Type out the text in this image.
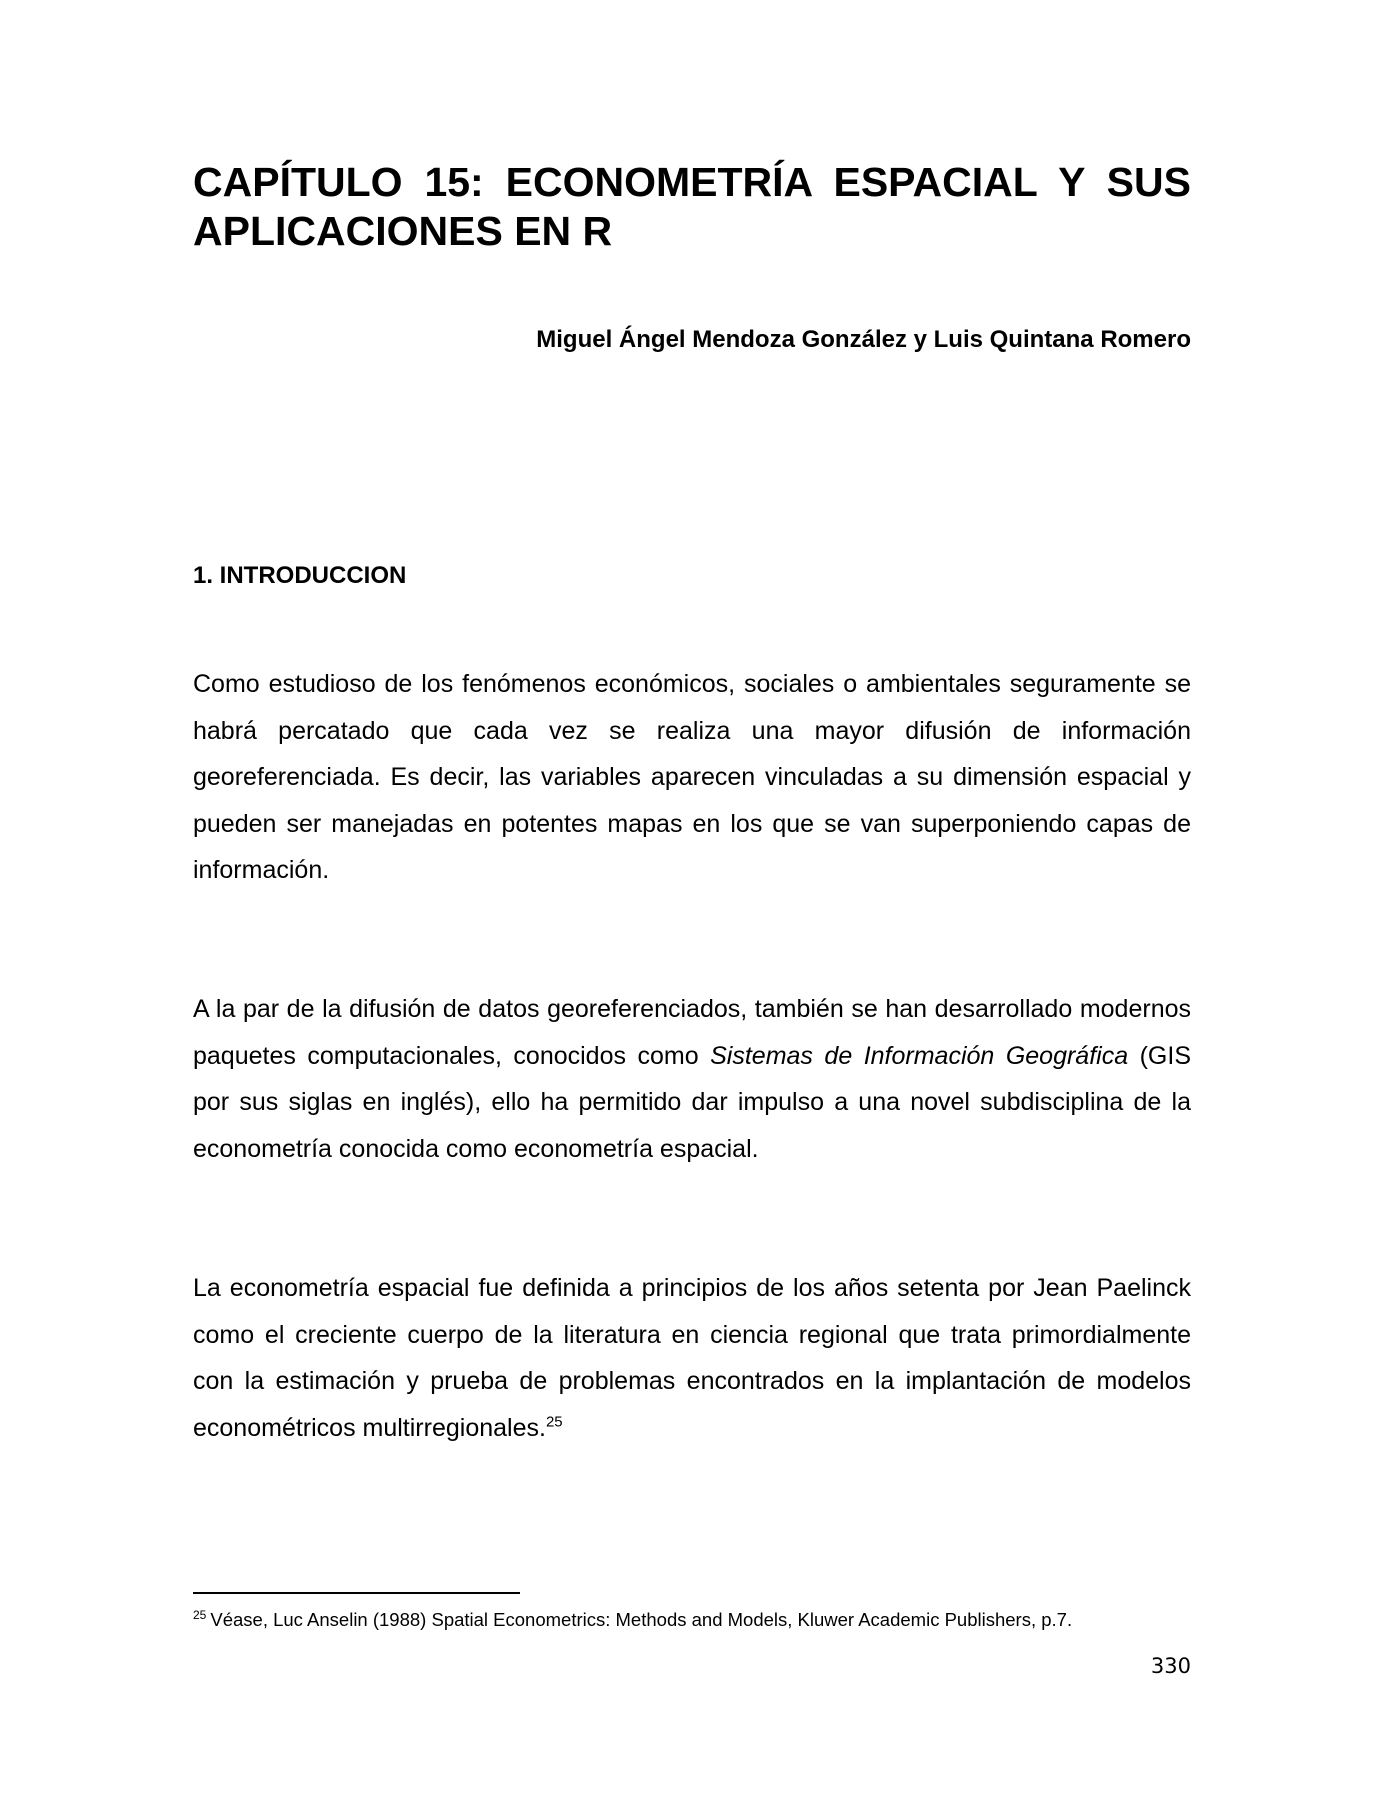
CAPÍTULO 15: ECONOMETRÍA ESPACIAL Y SUS APLICACIONES EN R

Miguel Ángel Mendoza González y Luis Quintana Romero

1. INTRODUCCION

Como estudioso de los fenómenos económicos, sociales o ambientales seguramente se habrá percatado que cada vez se realiza una mayor difusión de información georeferenciada. Es decir, las variables aparecen vinculadas a su dimensión espacial y pueden ser manejadas en potentes mapas en los que se van superponiendo capas de información.

A la par de la difusión de datos georeferenciados, también se han desarrollado modernos paquetes computacionales, conocidos como Sistemas de Información Geográfica (GIS por sus siglas en inglés), ello ha permitido dar impulso a una novel subdisciplina de la econometría conocida como econometría espacial.

La econometría espacial fue definida a principios de los años setenta por Jean Paelinck como el creciente cuerpo de la literatura en ciencia regional que trata primordialmente con la estimación y prueba de problemas encontrados en la implantación de modelos econométricos multirregionales.$^{25}$

$^{25}$ Véase, Luc Anselin (1988) Spatial Econometrics: Methods and Models, Kluwer Academic Publishers, p.7.

330
